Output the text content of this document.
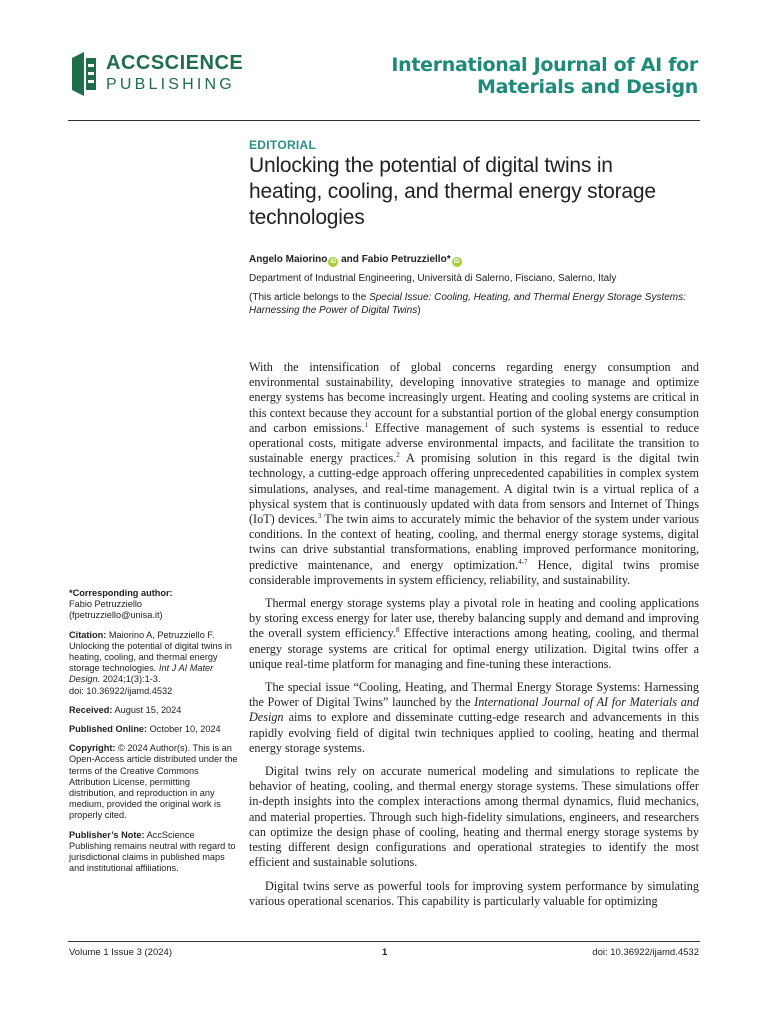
ACCSCIENCE
PUBLISHING
International Journal of AI for
Materials and Design
EDITORIAL
Unlocking the potential of digital twins in heating, cooling, and thermal energy storage technologies
Angelo Maiorino iD and Fabio Petruzziello* iD
Department of Industrial Engineering, Università di Salerno, Fisciano, Salerno, Italy
(This article belongs to the Special Issue: Cooling, Heating, and Thermal Energy Storage Systems: Harnessing the Power of Digital Twins)
*Corresponding author:
Fabio Petruzziello
(fpetruzziello@unisa.it)
Citation: Maiorino A, Petruzziello F. Unlocking the potential of digital twins in heating, cooling, and thermal energy storage technologies. Int J AI Mater Design. 2024;1(3):1-3.
doi: 10.36922/ijamd.4532
Received: August 15, 2024
Published Online: October 10, 2024
Copyright: © 2024 Author(s). This is an Open-Access article distributed under the terms of the Creative Commons Attribution License, permitting distribution, and reproduction in any medium, provided the original work is properly cited.
Publisher’s Note: AccScience Publishing remains neutral with regard to jurisdictional claims in published maps and institutional affiliations.

With the intensification of global concerns regarding energy consumption and environmental sustainability, developing innovative strategies to manage and optimize energy systems has become increasingly urgent. Heating and cooling systems are critical in this context because they account for a substantial portion of the global energy consumption and carbon emissions.$^1$ Effective management of such systems is essential to reduce operational costs, mitigate adverse environmental impacts, and facilitate the transition to sustainable energy practices.$^2$ A promising solution in this regard is the digital twin technology, a cutting-edge approach offering unprecedented capabilities in complex system simulations, analyses, and real-time management. A digital twin is a virtual replica of a physical system that is continuously updated with data from sensors and Internet of Things (IoT) devices.$^3$ The twin aims to accurately mimic the behavior of the system under various conditions. In the context of heating, cooling, and thermal energy storage systems, digital twins can drive substantial transformations, enabling improved performance monitoring, predictive maintenance, and energy optimization.$^{4-7}$ Hence, digital twins promise considerable improvements in system efficiency, reliability, and sustainability.

Thermal energy storage systems play a pivotal role in heating and cooling applications by storing excess energy for later use, thereby balancing supply and demand and improving the overall system efficiency.$^8$ Effective interactions among heating, cooling, and thermal energy storage systems are critical for optimal energy utilization. Digital twins offer a unique real-time platform for managing and fine-tuning these interactions.

The special issue “Cooling, Heating, and Thermal Energy Storage Systems: Harnessing the Power of Digital Twins” launched by the International Journal of AI for Materials and Design aims to explore and disseminate cutting-edge research and advancements in this rapidly evolving field of digital twin techniques applied to cooling, heating and thermal energy storage systems.

Digital twins rely on accurate numerical modeling and simulations to replicate the behavior of heating, cooling, and thermal energy storage systems. These simulations offer in-depth insights into the complex interactions among thermal dynamics, fluid mechanics, and material properties. Through such high-fidelity simulations, engineers, and researchers can optimize the design phase of cooling, heating and thermal energy storage systems by testing different design configurations and operational strategies to identify the most efficient and sustainable solutions.

Digital twins serve as powerful tools for improving system performance by simulating various operational scenarios. This capability is particularly valuable for optimizing

Volume 1 Issue 3 (2024)	1	doi: 10.36922/ijamd.4532
